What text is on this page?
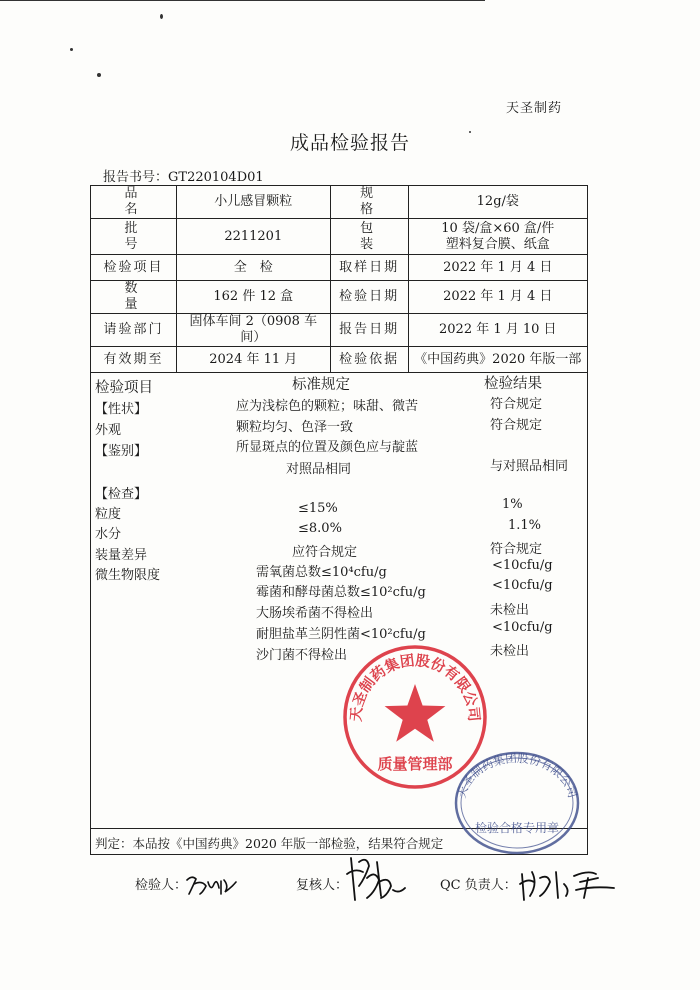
天圣制药
成品检验报告
报告书号：GT220104D01
品　名	小儿感冒颗粒	规　格	12g/袋
批　号	2211201	包　装	10 袋/盒×60 盒/件
塑料复合膜、纸盒

检验项目	全　检	取样日期	2022 年 1 月 4 日
数　量	162 件 12 盒	检验日期	2022 年 1 月 4 日
请验部门	固体车间 2（0908 车间）	报告日期	2022 年 1 月 10 日
有效期至	2024 年 11 月	检验依据	《中国药典》2020 年版一部
检验项目	标准规定	检验结果
【性状】	应为浅棕色的颗粒；味甜、微苦	符合规定
外观	颗粒均匀、色泽一致	符合规定
【鉴别】	所显斑点的位置及颜色应与靛蓝
对照品相同	与对照品相同
【检查】
粒度	≤15%	1%
水分	≤8.0%	1.1%
装量差异	应符合规定	符合规定
微生物限度	需氧菌总数≤10⁴cfu/g	<10cfu/g
霉菌和酵母菌总数≤10²cfu/g	<10cfu/g
大肠埃希菌不得检出	未检出
耐胆盐革兰阴性菌<10²cfu/g	<10cfu/g
沙门菌不得检出	未检出
天圣制药集团股份有限公司
质量管理部
天圣制药集团股份有限公司
检验合格专用章
判定：本品按《中国药典》2020 年版一部检验，结果符合规定
检验人：	复核人：	QC 负责人：
